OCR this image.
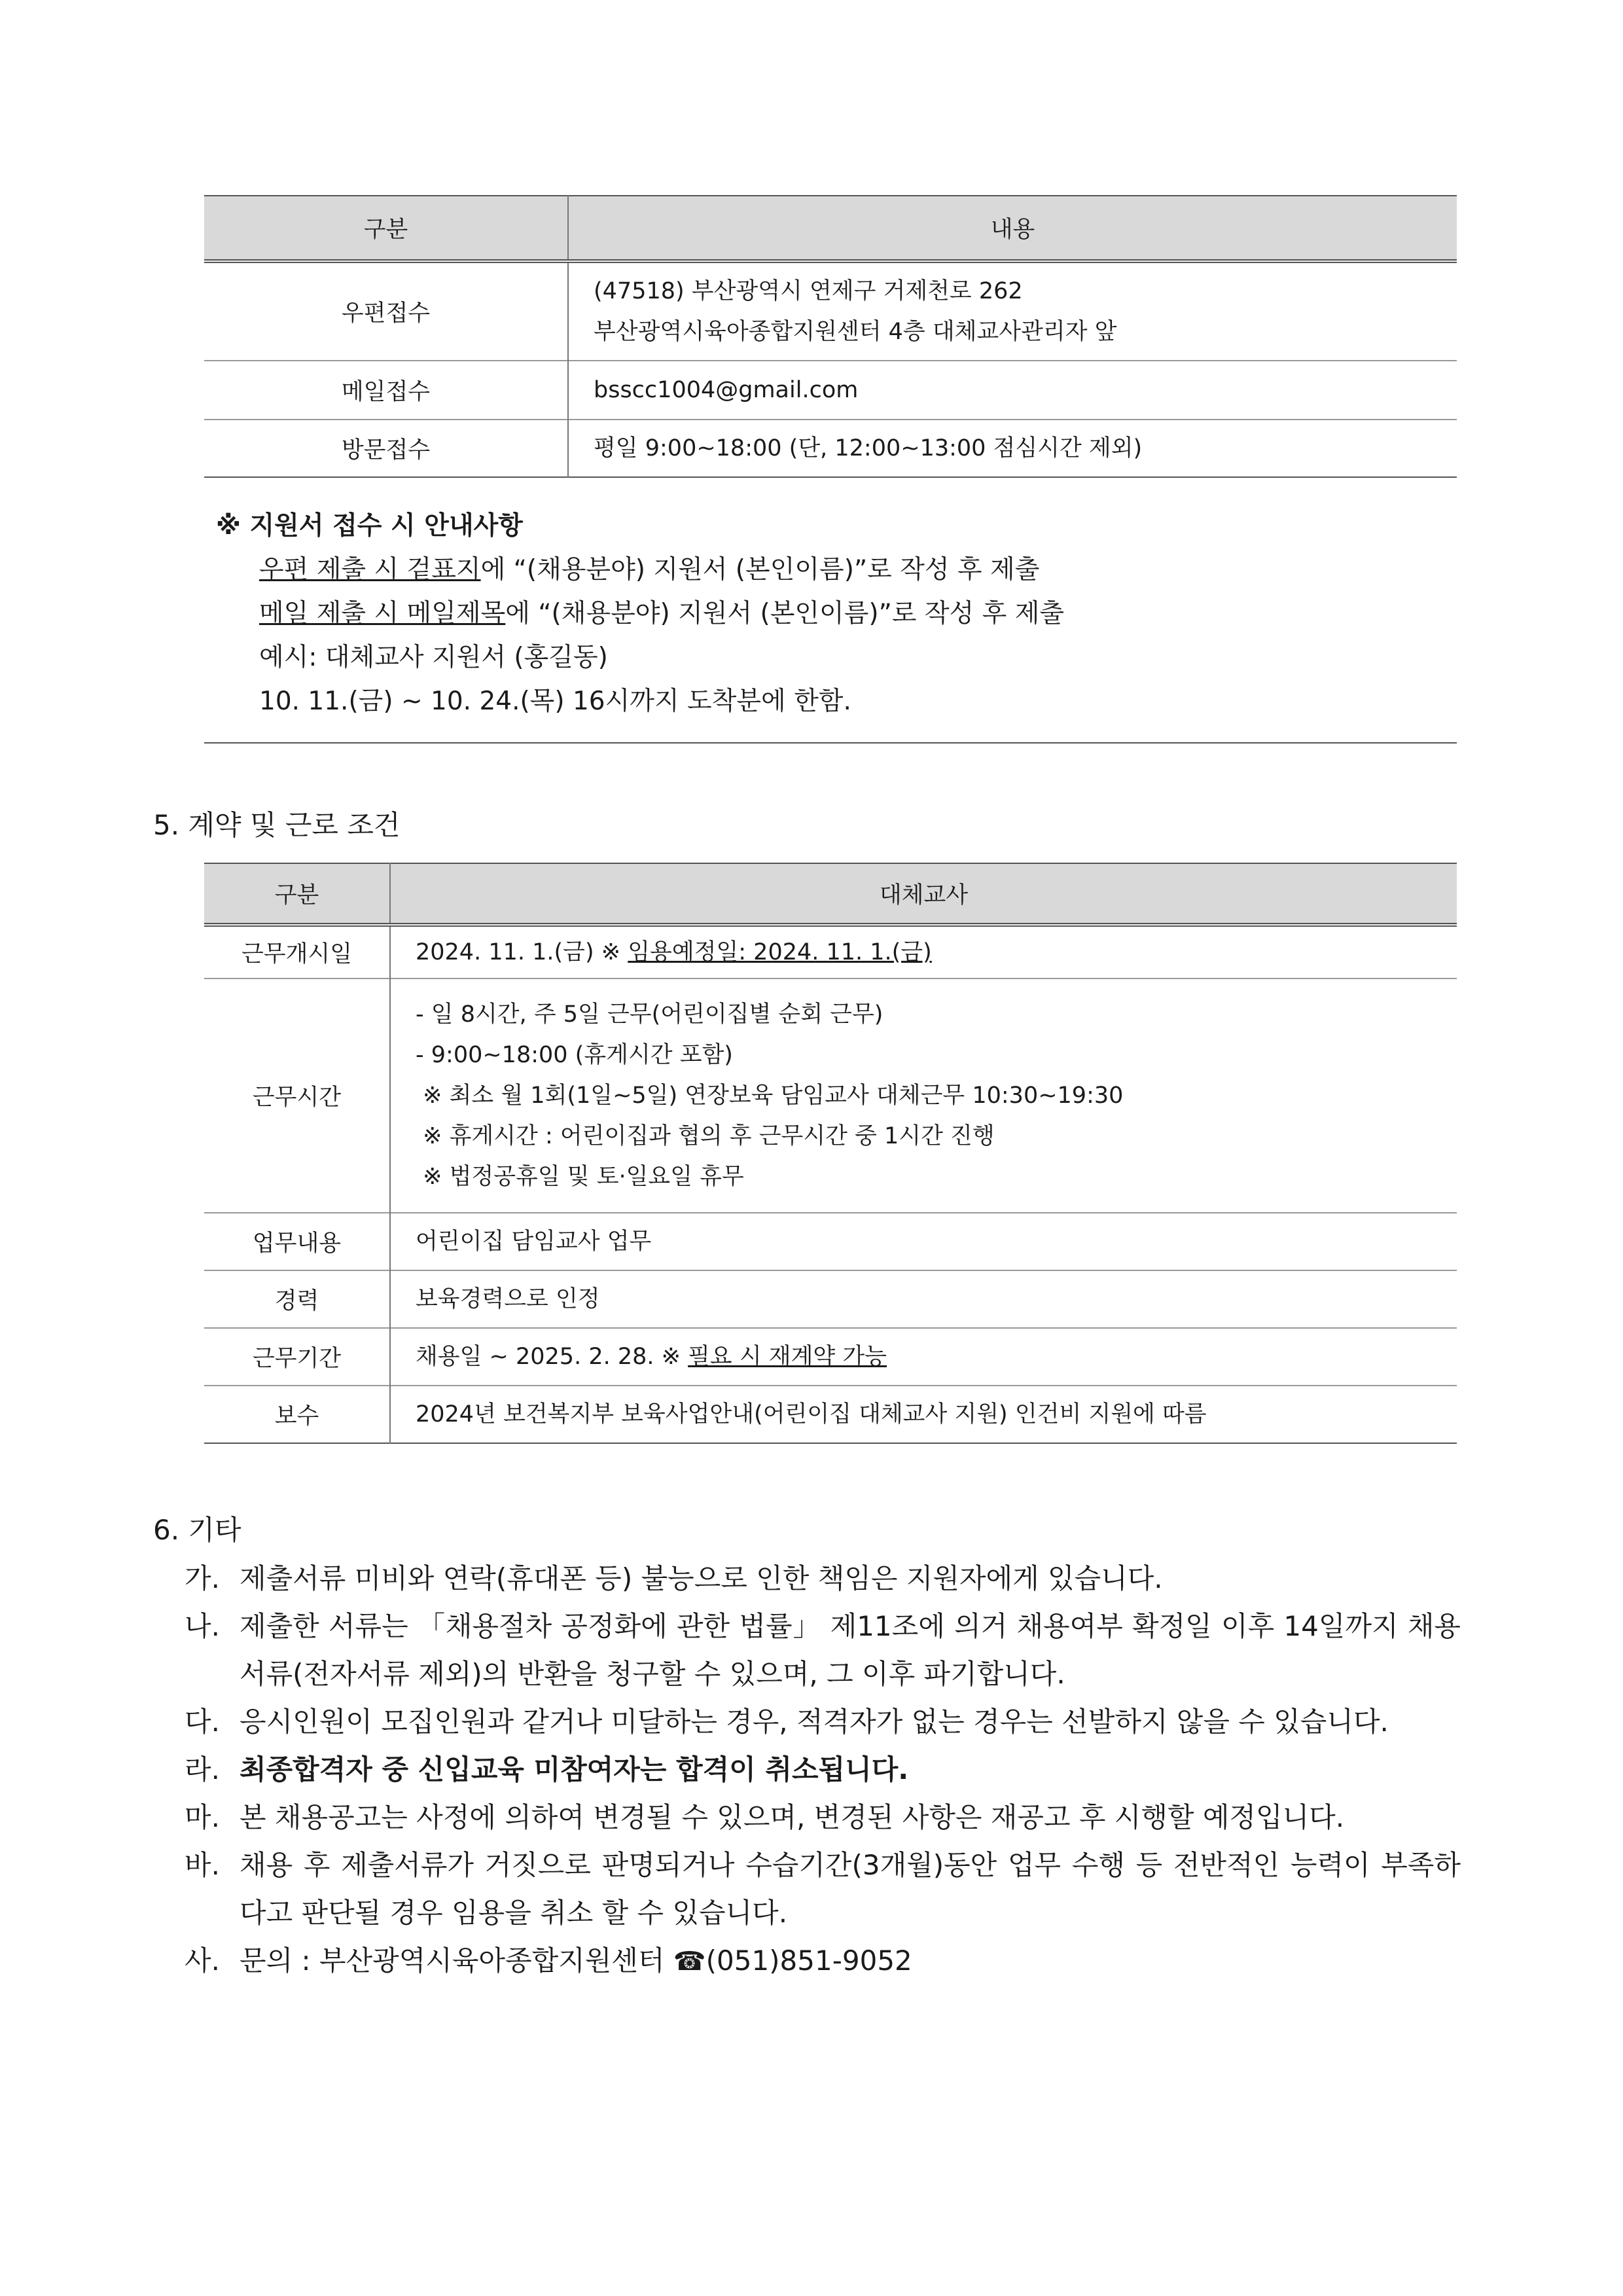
구분	내용
우편접수	(47518) 부산광역시 연제구 거제천로 262
부산광역시육아종합지원센터 4층 대체교사관리자 앞

메일접수	bsscc1004@gmail.com
방문접수	평일 9:00~18:00 (단, 12:00~13:00 점심시간 제외)
※ 지원서 접수 시 안내사항
우편 제출 시 겉표지에 “(채용분야) 지원서 (본인이름)”로 작성 후 제출
메일 제출 시 메일제목에 “(채용분야) 지원서 (본인이름)”로 작성 후 제출
예시: 대체교사 지원서 (홍길동)
10. 11.(금) ~ 10. 24.(목) 16시까지 도착분에 한함.
5. 계약 및 근로 조건
구분	대체교사
근무개시일	2024. 11. 1.(금) ※ 임용예정일: 2024. 11. 1.(금)
근무시간	- 일 8시간, 주 5일 근무(어린이집별 순회 근무)
- 9:00~18:00 (휴게시간 포함)
※ 최소 월 1회(1일~5일) 연장보육 담임교사 대체근무 10:30~19:30
※ 휴게시간 : 어린이집과 협의 후 근무시간 중 1시간 진행
※ 법정공휴일 및 토·일요일 휴무

업무내용	어린이집 담임교사 업무
경력	보육경력으로 인정
근무기간	채용일 ~ 2025. 2. 28. ※ 필요 시 재계약 가능
보수	2024년 보건복지부 보육사업안내(어린이집 대체교사 지원) 인건비 지원에 따름
6. 기타
가. 제출서류 미비와 연락(휴대폰 등) 불능으로 인한 책임은 지원자에게 있습니다.
나. 제출한 서류는 「채용절차 공정화에 관한 법률」 제11조에 의거 채용여부 확정일 이후 14일까지 채용서류(전자서류 제외)의 반환을 청구할 수 있으며, 그 이후 파기합니다.
다. 응시인원이 모집인원과 같거나 미달하는 경우, 적격자가 없는 경우는 선발하지 않을 수 있습니다.
라. 최종합격자 중 신입교육 미참여자는 합격이 취소됩니다.
마. 본 채용공고는 사정에 의하여 변경될 수 있으며, 변경된 사항은 재공고 후 시행할 예정입니다.
바. 채용 후 제출서류가 거짓으로 판명되거나 수습기간(3개월)동안 업무 수행 등 전반적인 능력이 부족하다고 판단될 경우 임용을 취소 할 수 있습니다.
사. 문의 : 부산광역시육아종합지원센터 ☎(051)851-9052
